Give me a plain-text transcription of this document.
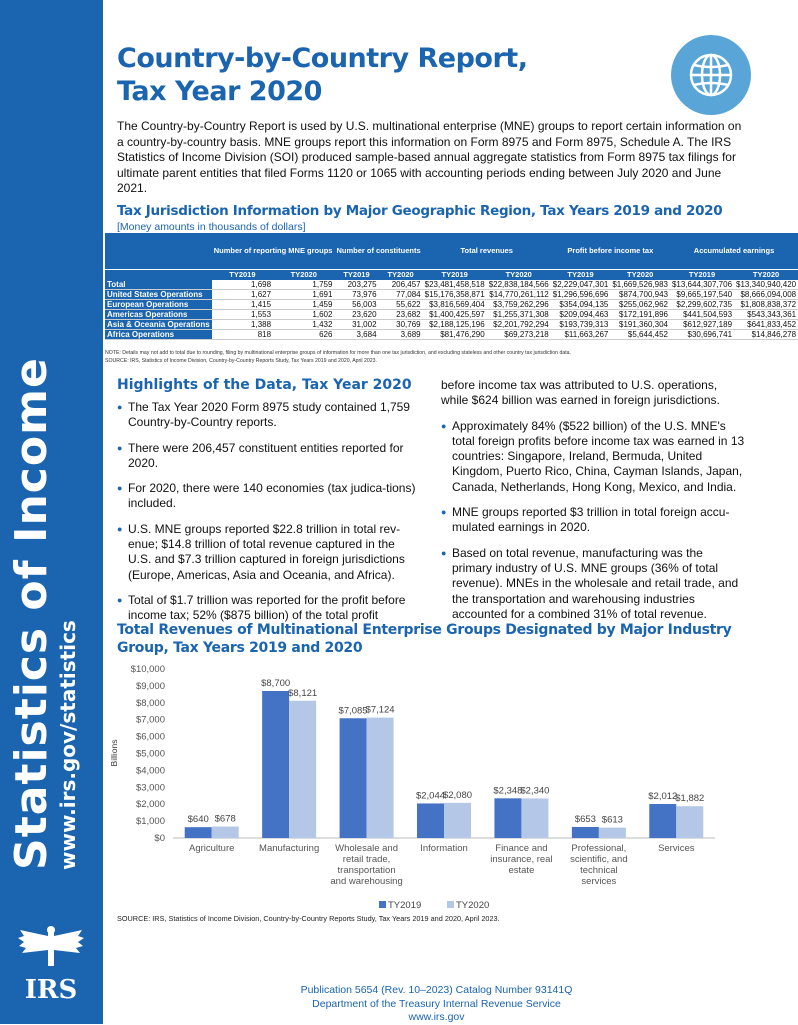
Statistics of Income www.irs.gov/statistics
IRS
Country-by-Country Report,
Tax Year 2020

The Country-by-Country Report is used by U.S. multinational enterprise (MNE) groups to report certain information on a country-by-country basis. MNE groups report this information on Form 8975 and Form 8975, Schedule A. The IRS Statistics of Income Division (SOI) produced sample-based annual aggregate statistics from Form 8975 tax filings for ultimate parent entities that filed Forms 1120 or 1065 with accounting periods ending between July 2020 and June 2021.

Tax Jurisdiction Information by Major Geographic Region, Tax Years 2019 and 2020
[Money amounts in thousands of dollars]
	Number of reporting MNE groups		Number of constituents		Total revenues		Profit before income tax		Accumulated earnings	
	TY2019	TY2020	TY2019	TY2020	TY2019	TY2020	TY2019	TY2020	TY2019	TY2020
Total	1,698	1,759	203,275	206,457	$23,481,458,518	$22,838,184,566	$2,229,047,301	$1,669,526,983	$13,644,307,706	$13,340,940,420
United States Operations	1,627	1,691	73,976	77,084	$15,176,358,871	$14,770,261,112	$1,296,596,696	$874,700,943	$9,665,197,540	$8,666,094,008
European Operations	1,415	1,459	56,003	55,622	$3,816,569,404	$3,759,262,296	$354,094,135	$255,062,962	$2,299,602,735	$1,808,838,372
Americas Operations	1,553	1,602	23,620	23,682	$1,400,425,597	$1,255,371,308	$209,094,463	$172,191,896	$441,504,593	$543,343,361
Asia & Oceania Operations	1,388	1,432	31,002	30,769	$2,188,125,196	$2,201,792,294	$193,739,313	$191,360,304	$612,927,189	$641,833,452
Africa Operations	818	626	3,684	3,689	$81,476,290	$69,273,218	$11,663,267	$5,644,452	$30,696,741	$14,846,278
NOTE: Details may not add to total due to rounding, filing by multinational enterprise groups of information for more than one tax jurisdiction, and excluding stateless and other country tax jurisdiction data.
SOURCE: IRS, Statistics of Income Division, Country-by-Country Reports Study, Tax Years 2019 and 2020, April 2023.
Highlights of the Data, Tax Year 2020
● The Tax Year 2020 Form 8975 study contained 1,759 Country-by-Country reports.
● There were 206,457 constituent entities reported for 2020.
● For 2020, there were 140 economies (tax judica-tions) included.
● U.S. MNE groups reported $22.8 trillion in total rev-enue; $14.8 trillion of total revenue captured in the U.S. and $7.3 trillion captured in foreign jurisdictions (Europe, Americas, Asia and Oceania, and Africa).
● Total of $1.7 trillion was reported for the profit before income tax; 52% ($875 billion) of the total profit
before income tax was attributed to U.S. operations, while $624 billion was earned in foreign jurisdictions.
● Approximately 84% ($522 billion) of the U.S. MNE's total foreign profits before income tax was earned in 13 countries: Singapore, Ireland, Bermuda, United Kingdom, Puerto Rico, China, Cayman Islands, Japan, Canada, Netherlands, Hong Kong, Mexico, and India.
● MNE groups reported $3 trillion in total foreign accu-mulated earnings in 2020.
● Based on total revenue, manufacturing was the primary industry of U.S. MNE groups (36% of total revenue). MNEs in the wholesale and retail trade, and the transportation and warehousing industries accounted for a combined 31% of total revenue.
Total Revenues of Multinational Enterprise Groups Designated by Major Industry Group, Tax Years 2019 and 2020
$0
$1,000
$2,000
$3,000
$4,000
$5,000
$6,000
$7,000
$8,000
$9,000
$10,000
Billions
$640 $678
Agriculture
$8,700
$8,121
Manufacturing
$7,085
$7,124
Wholesale and
retail trade,
transportation
and warehousing
$2,044
$2,080
Information
$2,348
$2,340
Finance and
insurance, real
estate
$653 $613
Professional,
scientific, and
technical
services
$2,012
$1,882
Services
TY2019	TY2020
SOURCE: IRS, Statistics of Income Division, Country-by-Country Reports Study, Tax Years 2019 and 2020, April 2023.
Publication 5654 (Rev. 10–2023) Catalog Number 93141Q
Department of the Treasury Internal Revenue Service
www.irs.gov
